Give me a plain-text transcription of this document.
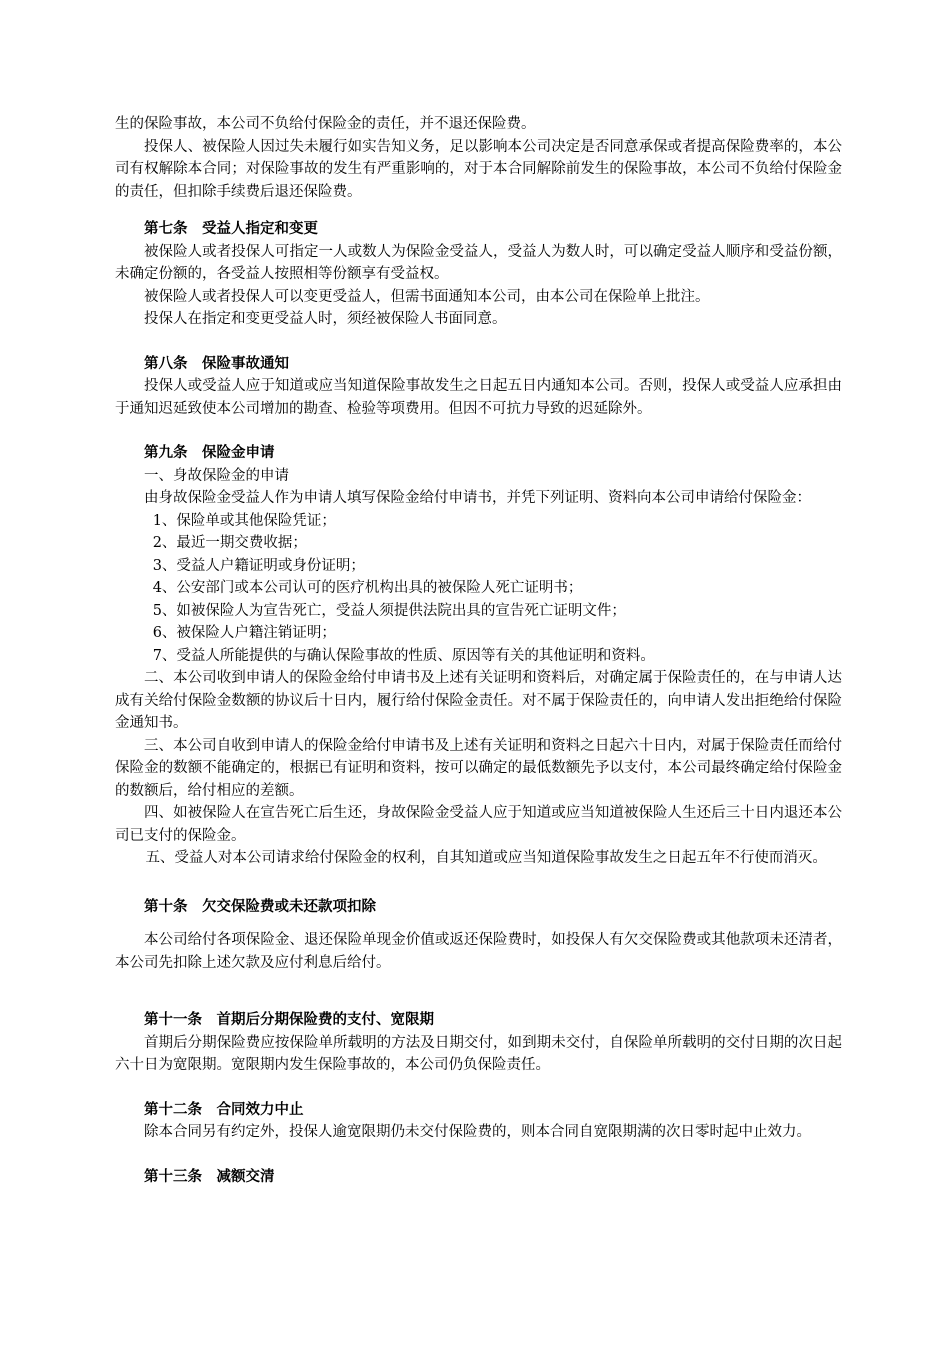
生的保险事故，本公司不负给付保险金的责任，并不退还保险费。

投保人、被保险人因过失未履行如实告知义务，足以影响本公司决定是否同意承保或者提高保险费率的，本公司有权解除本合同；对保险事故的发生有严重影响的，对于本合同解除前发生的保险事故，本公司不负给付保险金的责任，但扣除手续费后退还保险费。

第七条　受益人指定和变更

被保险人或者投保人可指定一人或数人为保险金受益人，受益人为数人时，可以确定受益人顺序和受益份额，未确定份额的，各受益人按照相等份额享有受益权。

被保险人或者投保人可以变更受益人，但需书面通知本公司，由本公司在保险单上批注。

投保人在指定和变更受益人时，须经被保险人书面同意。

第八条　保险事故通知

投保人或受益人应于知道或应当知道保险事故发生之日起五日内通知本公司。否则，投保人或受益人应承担由于通知迟延致使本公司增加的勘查、检验等项费用。但因不可抗力导致的迟延除外。

第九条　保险金申请

一、身故保险金的申请

由身故保险金受益人作为申请人填写保险金给付申请书，并凭下列证明、资料向本公司申请给付保险金：

1、保险单或其他保险凭证；

2、最近一期交费收据；

3、受益人户籍证明或身份证明；

4、公安部门或本公司认可的医疗机构出具的被保险人死亡证明书；

5、如被保险人为宣告死亡，受益人须提供法院出具的宣告死亡证明文件；

6、被保险人户籍注销证明；

7、受益人所能提供的与确认保险事故的性质、原因等有关的其他证明和资料。

二、本公司收到申请人的保险金给付申请书及上述有关证明和资料后，对确定属于保险责任的，在与申请人达成有关给付保险金数额的协议后十日内，履行给付保险金责任。对不属于保险责任的，向申请人发出拒绝给付保险金通知书。

三、本公司自收到申请人的保险金给付申请书及上述有关证明和资料之日起六十日内，对属于保险责任而给付保险金的数额不能确定的，根据已有证明和资料，按可以确定的最低数额先予以支付，本公司最终确定给付保险金的数额后，给付相应的差额。

四、如被保险人在宣告死亡后生还，身故保险金受益人应于知道或应当知道被保险人生还后三十日内退还本公司已支付的保险金。

五、受益人对本公司请求给付保险金的权利，自其知道或应当知道保险事故发生之日起五年不行使而消灭。

第十条　欠交保险费或未还款项扣除

本公司给付各项保险金、退还保险单现金价值或返还保险费时，如投保人有欠交保险费或其他款项未还清者，本公司先扣除上述欠款及应付利息后给付。

第十一条　首期后分期保险费的支付、宽限期

首期后分期保险费应按保险单所载明的方法及日期交付，如到期未交付，自保险单所载明的交付日期的次日起六十日为宽限期。宽限期内发生保险事故的，本公司仍负保险责任。

第十二条　合同效力中止

除本合同另有约定外，投保人逾宽限期仍未交付保险费的，则本合同自宽限期满的次日零时起中止效力。

第十三条　减额交清
